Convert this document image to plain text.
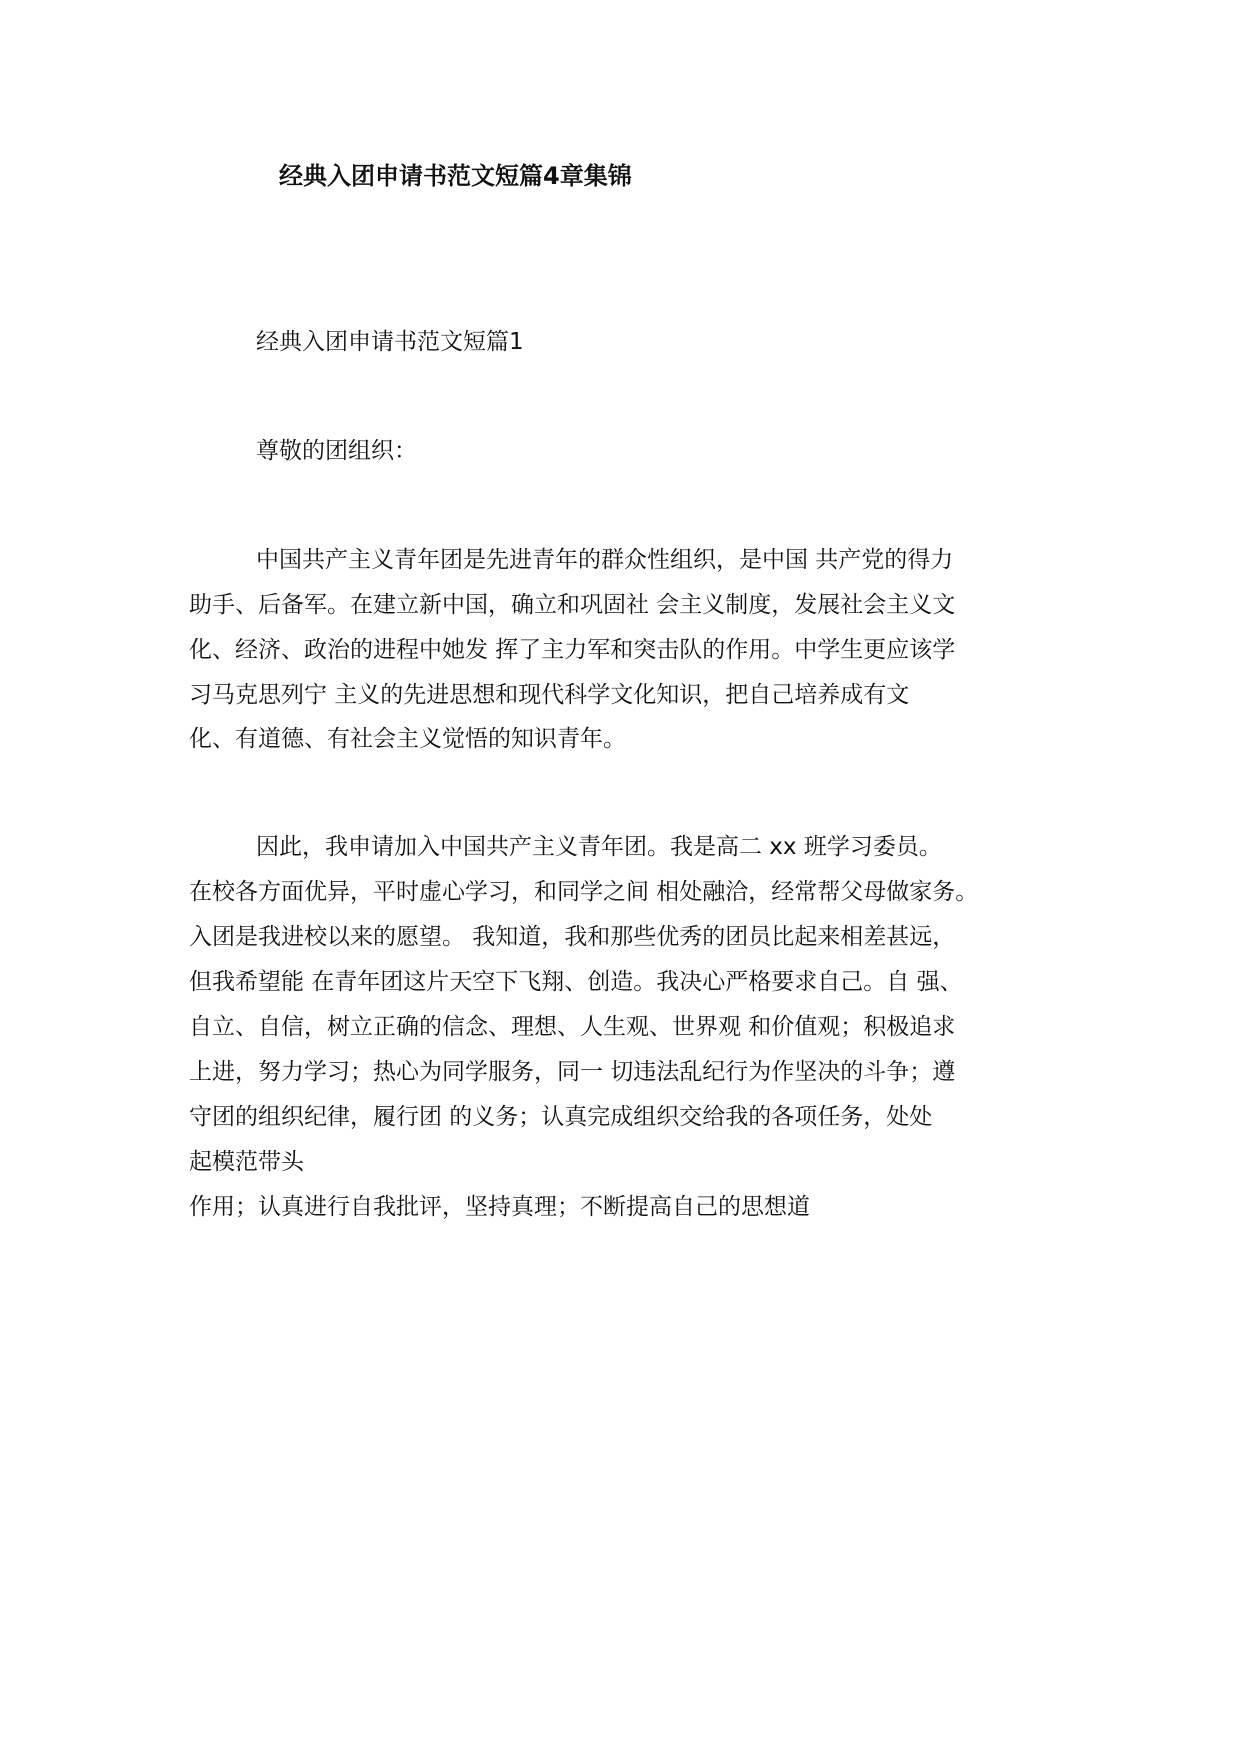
经典入团申请书范文短篇4章集锦
经典入团申请书范文短篇1
尊敬的团组织：
中国共产主义青年团是先进青年的群众性组织，是中国 共产党的得力
助手、后备军。在建立新中国，确立和巩固社 会主义制度，发展社会主义文
化、经济、政治的进程中她发 挥了主力军和突击队的作用。中学生更应该学
习马克思列宁 主义的先进思想和现代科学文化知识，把自己培养成有文
化、有道德、有社会主义觉悟的知识青年。
因此，我申请加入中国共产主义青年团。我是高二 xx 班学习委员。
在校各方面优异，平时虚心学习，和同学之间 相处融洽，经常帮父母做家务。
入团是我进校以来的愿望。 我知道，我和那些优秀的团员比起来相差甚远，
但我希望能 在青年团这片天空下飞翔、创造。我决心严格要求自己。自 强、
自立、自信，树立正确的信念、理想、人生观、世界观 和价值观；积极追求
上进，努力学习；热心为同学服务，同一 切违法乱纪行为作坚决的斗争；遵
守团的组织纪律，履行团 的义务；认真完成组织交给我的各项任务，处处
起模范带头
作用；认真进行自我批评，坚持真理；不断提高自己的思想道
